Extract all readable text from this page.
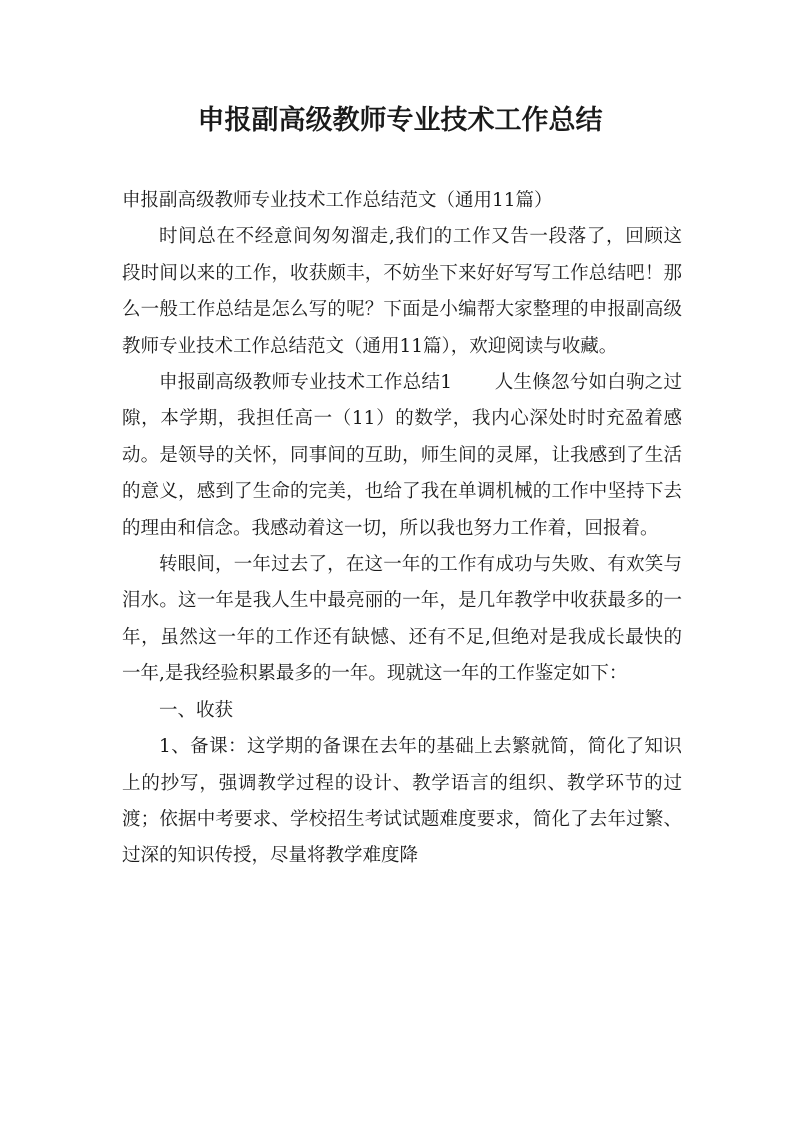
申报副高级教师专业技术工作总结

申报副高级教师专业技术工作总结范文（通用11篇）

时间总在不经意间匆匆溜走,我们的工作又告一段落了，回顾这段时间以来的工作，收获颇丰，不妨坐下来好好写写工作总结吧！那么一般工作总结是怎么写的呢？下面是小编帮大家整理的申报副高级教师专业技术工作总结范文（通用11篇），欢迎阅读与收藏。

申报副高级教师专业技术工作总结1 人生倏忽兮如白驹之过隙，本学期，我担任高一（11）的数学，我内心深处时时充盈着感动。是领导的关怀，同事间的互助，师生间的灵犀，让我感到了生活的意义，感到了生命的完美，也给了我在单调机械的工作中坚持下去的理由和信念。我感动着这一切，所以我也努力工作着，回报着。

转眼间，一年过去了，在这一年的工作有成功与失败、有欢笑与泪水。这一年是我人生中最亮丽的一年，是几年教学中收获最多的一年，虽然这一年的工作还有缺憾、还有不足,但绝对是我成长最快的一年,是我经验积累最多的一年。现就这一年的工作鉴定如下：

一、收获

1、备课：这学期的备课在去年的基础上去繁就简，简化了知识上的抄写，强调教学过程的设计、教学语言的组织、教学环节的过渡；依据中考要求、学校招生考试试题难度要求，简化了去年过繁、过深的知识传授，尽量将教学难度降
